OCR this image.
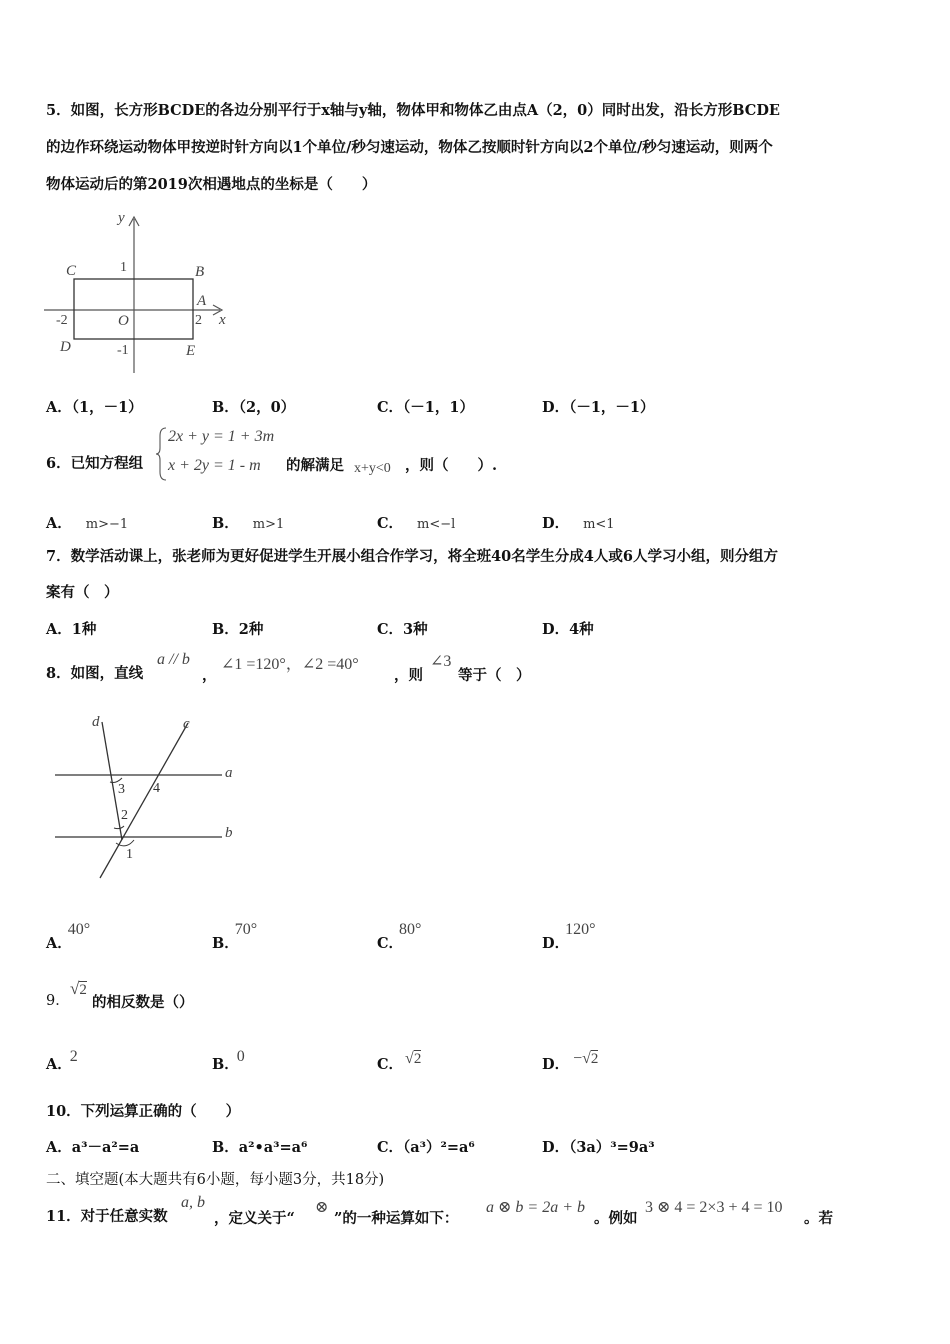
5．如图，长方形BCDE的各边分别平行于x轴与y轴，物体甲和物体乙由点A（2，0）同时出发，沿长方形BCDE
的边作环绕运动物体甲按逆时针方向以1个单位/秒匀速运动，物体乙按顺时针方向以2个单位/秒匀速运动，则两个
物体运动后的第2019次相遇地点的坐标是（　　）
y
x
O
C	B
A
D	E
1
-1
-2	2
A．（1，－1）	B．（2，0）	C．（－1，1）	D．（－1，－1）
6．已知方程组
2x + y = 1 + 3m
x + 2y = 1 - m 的解满足 x+y<0 ，则（　　）.
A． m>−1	B． m>1	C． m<−l	D． m<1
7．数学活动课上，张老师为更好促进学生开展小组合作学习，将全班40名学生分成4人或6人学习小组，则分组方
案有（　）
A．1种	B．2种	C．3种	D．4种
8．如图，直线
a // b
，
∠1 =120°，∠2 =40°
，则
∠3
等于（　）
d	c
a
b
3 4
2
1
A．40°
B．70°
C．80°
D．120°
9．
√2
的相反数是（）
A．2	B．0	C． √2	D． −√2
10．下列运算正确的（　　）
A．a³－a²=a	B．a²•a³=a⁶	C．（a³）²=a⁶	D．（3a）³=9a³
二、填空题(本大题共有6小题，每小题3分，共18分)
11．对于任意实数
a, b
，定义关于“
⊗
”的一种运算如下：
a ⊗ b = 2a + b
。例如
3 ⊗ 4 = 2×3 + 4 = 10
。若
